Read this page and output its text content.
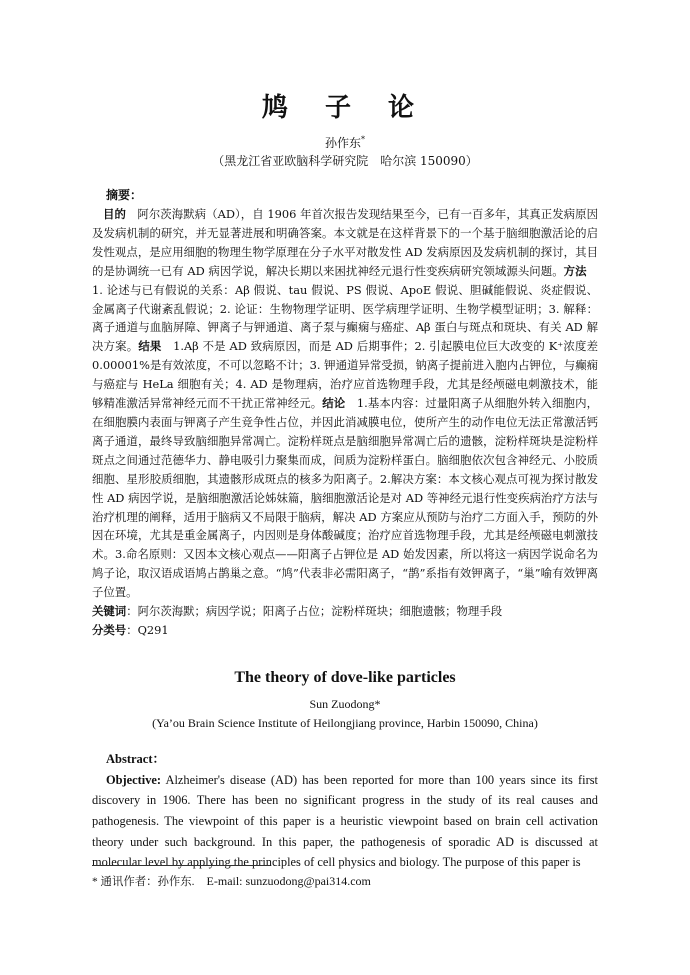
鸠 子 论
孙作东*
（黑龙江省亚欧脑科学研究院　哈尔滨 150090）
摘要：
目的　阿尔茨海默病（AD），自 1906 年首次报告发现结果至今，已有一百多年，其真正发病原因及发病机制的研究，并无显著进展和明确答案。本文就是在这样背景下的一个基于脑细胞激活论的启发性观点，是应用细胞的物理生物学原理在分子水平对散发性 AD 发病原因及发病机制的探讨，其目的是协调统一已有 AD 病因学说，解决长期以来困扰神经元退行性变疾病研究领域源头问题。方法　1. 论述与已有假说的关系：Aβ 假说、tau 假说、PS 假说、ApoE 假说、胆碱能假说、炎症假说、金属离子代谢紊乱假说；2. 论证：生物物理学证明、医学病理学证明、生物学模型证明；3. 解释：离子通道与血脑屏障、钾离子与钾通道、离子泵与癫痫与癌症、Aβ 蛋白与斑点和斑块、有关 AD 解决方案。结果　1.Aβ 不是 AD 致病原因，而是 AD 后期事件；2. 引起膜电位巨大改变的 K⁺浓度差 0.00001%是有效浓度，不可以忽略不计；3. 钾通道异常受损，钠离子提前进入胞内占钾位，与癫痫与癌症与 HeLa 细胞有关；4. AD 是物理病，治疗应首选物理手段，尤其是经颅磁电刺激技术，能够精准激活异常神经元而不干扰正常神经元。结论　1.基本内容：过量阳离子从细胞外转入细胞内，在细胞膜内表面与钾离子产生竞争性占位，并因此消减膜电位，使所产生的动作电位无法正常激活钙离子通道，最终导致脑细胞异常凋亡。淀粉样斑点是脑细胞异常凋亡后的遗骸，淀粉样斑块是淀粉样斑点之间通过范德华力、静电吸引力聚集而成，间质为淀粉样蛋白。脑细胞依次包含神经元、小胶质细胞、星形胶质细胞，其遗骸形成斑点的核多为阳离子。2.解决方案：本文核心观点可视为探讨散发性 AD 病因学说，是脑细胞激活论姊妹篇，脑细胞激活论是对 AD 等神经元退行性变疾病治疗方法与治疗机理的阐释，适用于脑病又不局限于脑病，解决 AD 方案应从预防与治疗二方面入手，预防的外因在环境，尤其是重金属离子，内因则是身体酸碱度；治疗应首选物理手段，尤其是经颅磁电刺激技术。3.命名原则：又因本文核心观点——阳离子占钾位是 AD 始发因素，所以将这一病因学说命名为鸠子论，取汉语成语鸠占鹊巢之意。“鸠”代表非必需阳离子，“鹊”系指有效钾离子，“巢”喻有效钾离子位置。
关键词：阿尔茨海默；病因学说；阳离子占位；淀粉样斑块；细胞遗骸；物理手段
分类号：Q291
The theory of dove-like particles
Sun Zuodong*
(Ya’ou Brain Science Institute of Heilongjiang province, Harbin 150090, China)
Abstract：
Objective: Alzheimer's disease (AD) has been reported for more than 100 years since its first discovery in 1906. There has been no significant progress in the study of its real causes and pathogenesis. The viewpoint of this paper is a heuristic viewpoint based on brain cell activation theory under such background. In this paper, the pathogenesis of sporadic AD is discussed at molecular level by applying the principles of cell physics and biology. The purpose of this paper is
* 通讯作者：孙作东. E-mail: sunzuodong@pai314.com
